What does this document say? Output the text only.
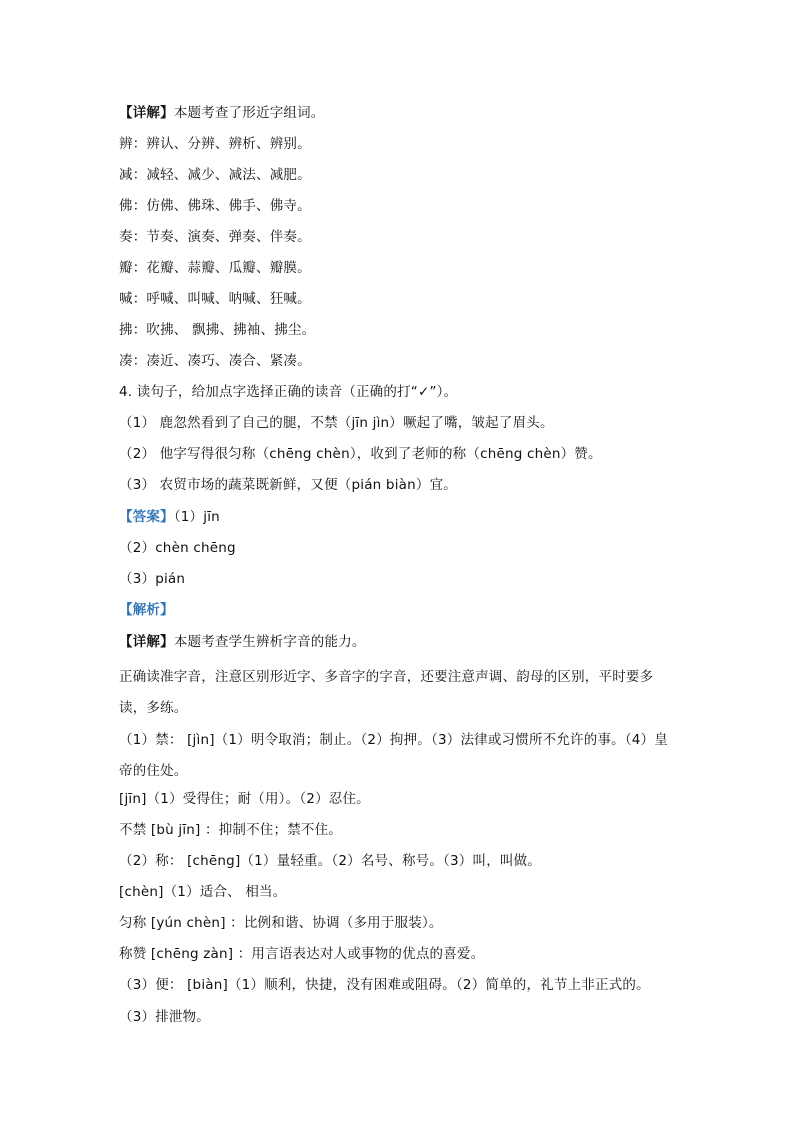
【详解】本题考查了形近字组词。
辨：辨认、分辨、辨析、辨别。
减：减轻、减少、减法、减肥。
佛：仿佛、佛珠、佛手、佛寺。
奏：节奏、演奏、弹奏、伴奏。
瓣：花瓣、蒜瓣、瓜瓣、瓣膜。
喊：呼喊、叫喊、呐喊、狂喊。
拂：吹拂、 飘拂、拂袖、拂尘。
凑：凑近、凑巧、凑合、紧凑。
4. 读句子，给加点字选择正确的读音（正确的打“✓”）。
（1） 鹿忽然看到了自己的腿，不禁（jīn jìn）噘起了嘴，皱起了眉头。
（2） 他字写得很匀称（chēng chèn），收到了老师的称（chēng chèn）赞。
（3） 农贸市场的蔬菜既新鲜，又便（pián biàn）宜。
【答案】（1）jīn
（2）chèn chēng
（3）pián
【解析】
【详解】本题考查学生辨析字音的能力。
正确读准字音，注意区别形近字、多音字的字音，还要注意声调、韵母的区别，平时要多读，多练。
（1）禁： [jìn]（1）明令取消；制止。（2）拘押。（3）法律或习惯所不允许的事。（4）皇帝的住处。
[jīn]（1）受得住；耐（用）。（2）忍住。
不禁 [bù jīn] ：抑制不住；禁不住。
（2）称： [chēng]（1）量轻重。（2）名号、称号。（3）叫，叫做。
[chèn]（1）适合、 相当。
匀称 [yún chèn] ：比例和谐、协调（多用于服装）。
称赞 [chēng zàn] ：用言语表达对人或事物的优点的喜爱。
（3）便： [biàn]（1）顺利，快捷，没有困难或阻碍。（2）简单的，礼节上非正式的。
（3）排泄物。
